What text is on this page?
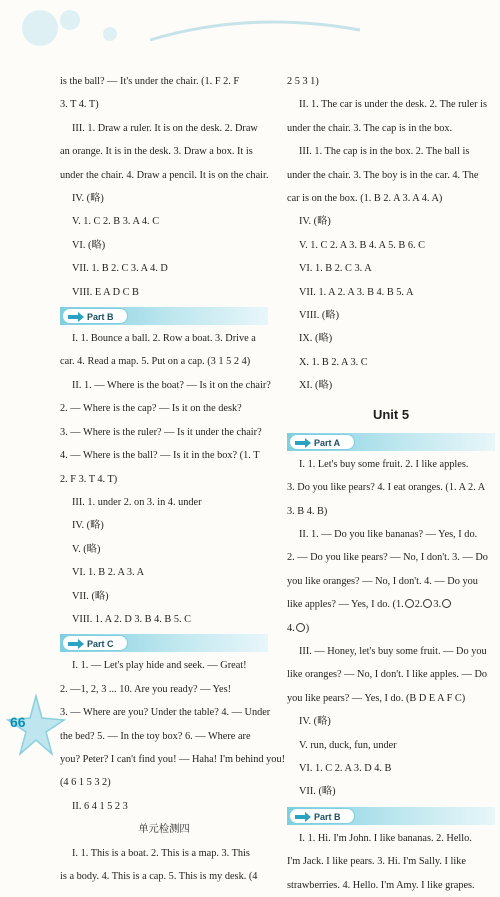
is the ball? — It's under the chair. (1. F 2. F
3. T 4. T)
III. 1. Draw a ruler. It is on the desk. 2. Draw
an orange. It is in the desk. 3. Draw a box. It is
under the chair. 4. Draw a pencil. It is on the chair.
IV. (略)
V. 1. C 2. B 3. A 4. C
VI. (略)
VII. 1. B 2. C 3. A 4. D
VIII. E A D C B
Part B
I. 1. Bounce a ball. 2. Row a boat. 3. Drive a
car. 4. Read a map. 5. Put on a cap. (3 1 5 2 4)
II. 1. — Where is the boat? — Is it on the chair?
2. — Where is the cap? — Is it on the desk?
3. — Where is the ruler? — Is it under the chair?
4. — Where is the ball? — Is it in the box? (1. T
2. F 3. T 4. T)
III. 1. under 2. on 3. in 4. under
IV. (略)
V. (略)
VI. 1. B 2. A 3. A
VII. (略)
VIII. 1. A 2. D 3. B 4. B 5. C
Part C
I. 1. — Let's play hide and seek. — Great!
2. —1, 2, 3 ... 10. Are you ready? — Yes!
3. — Where are you? Under the table? 4. — Under
the bed? 5. — In the toy box? 6. — Where are
you? Peter? I can't find you! — Haha! I'm behind you!
(4 6 1 5 3 2)
II. 6 4 1 5 2 3
单元检测四
I. 1. This is a boat. 2. This is a map. 3. This
is a body. 4. This is a cap. 5. This is my desk. (4
2 5 3 1)
II. 1. The car is under the desk. 2. The ruler is
under the chair. 3. The cap is in the box.
III. 1. The cap is in the box. 2. The ball is
under the chair. 3. The boy is in the car. 4. The
car is on the box. (1. B 2. A 3. A 4. A)
IV. (略)
V. 1. C 2. A 3. B 4. A 5. B 6. C
VI. 1. B 2. C 3. A
VII. 1. A 2. A 3. B 4. B 5. A
VIII. (略)
IX. (略)
X. 1. B 2. A 3. C
XI. (略)
Unit 5
Part A
I. 1. Let's buy some fruit. 2. I like apples.
3. Do you like pears? 4. I eat oranges. (1. A 2. A
3. B 4. B)
II. 1. — Do you like bananas? — Yes, I do.
2. — Do you like pears? — No, I don't. 3. — Do
you like oranges? — No, I don't. 4. — Do you
like apples? — Yes, I do. (1. 2. 3.
4. )
III. — Honey, let's buy some fruit. — Do you
like oranges? — No, I don't. I like apples. — Do
you like pears? — Yes, I do. (B D E A F C)
IV. (略)
V. run, duck, fun, under
VI. 1. C 2. A 3. D 4. B
VII. (略)
Part B
I. 1. Hi. I'm John. I like bananas. 2. Hello.
I'm Jack. I like pears. 3. Hi. I'm Sally. I like
strawberries. 4. Hello. I'm Amy. I like grapes.
66
